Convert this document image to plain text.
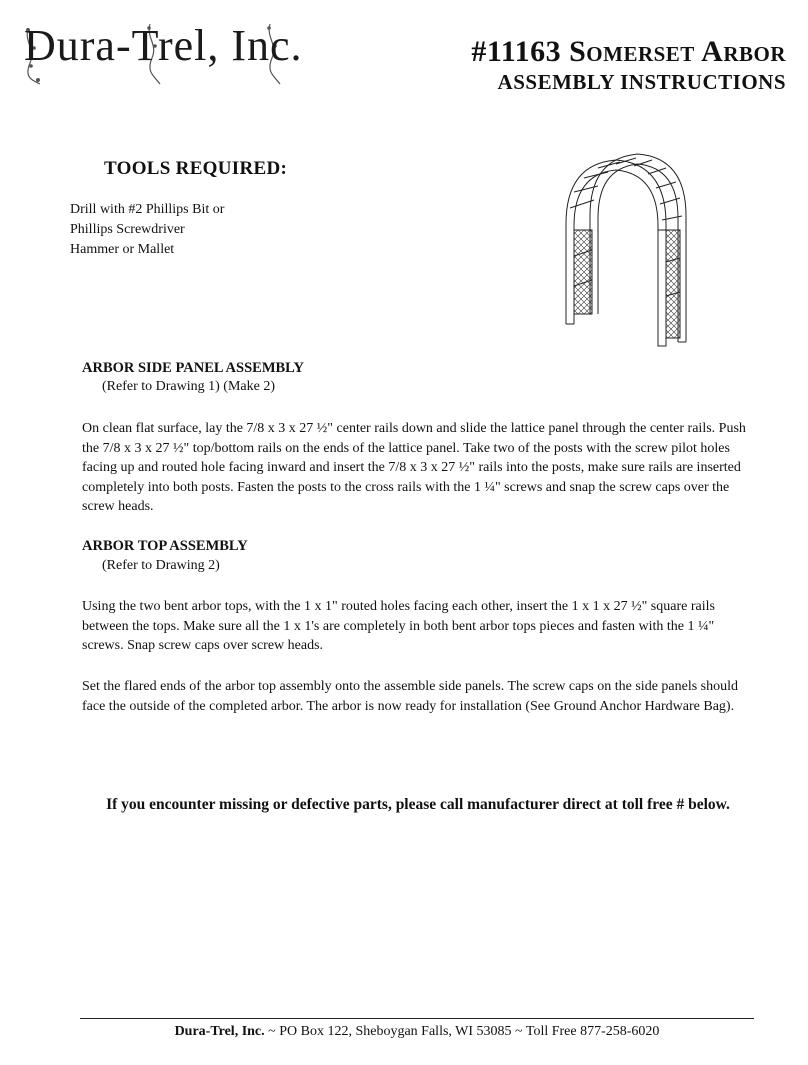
Dura-Trel, Inc.	#11163 Somerset Arbor
ASSEMBLY INSTRUCTIONS
TOOLS REQUIRED:
Drill with #2 Phillips Bit or
Phillips Screwdriver
Hammer or Mallet
ARBOR SIDE PANEL ASSEMBLY
(Refer to Drawing 1) (Make 2)
On clean flat surface, lay the 7/8 x 3 x 27 ½" center rails down and slide the lattice panel through the center rails. Push the 7/8 x 3 x 27 ½" top/bottom rails on the ends of the lattice panel. Take two of the posts with the screw pilot holes facing up and routed hole facing inward and insert the 7/8 x 3 x 27 ½" rails into the posts, make sure rails are inserted completely into both posts. Fasten the posts to the cross rails with the 1 ¼" screws and snap the screw caps over the screw heads.
ARBOR TOP ASSEMBLY
(Refer to Drawing 2)
Using the two bent arbor tops, with the 1 x 1" routed holes facing each other, insert the 1 x 1 x 27 ½" square rails between the tops. Make sure all the 1 x 1's are completely in both bent arbor tops pieces and fasten with the 1 ¼" screws. Snap screw caps over screw heads.
Set the flared ends of the arbor top assembly onto the assemble side panels. The screw caps on the side panels should face the outside of the completed arbor. The arbor is now ready for installation (See Ground Anchor Hardware Bag).
If you encounter missing or defective parts, please call manufacturer direct at toll free # below.
Dura-Trel, Inc. ~ PO Box 122, Sheboygan Falls, WI 53085 ~ Toll Free 877-258-6020
